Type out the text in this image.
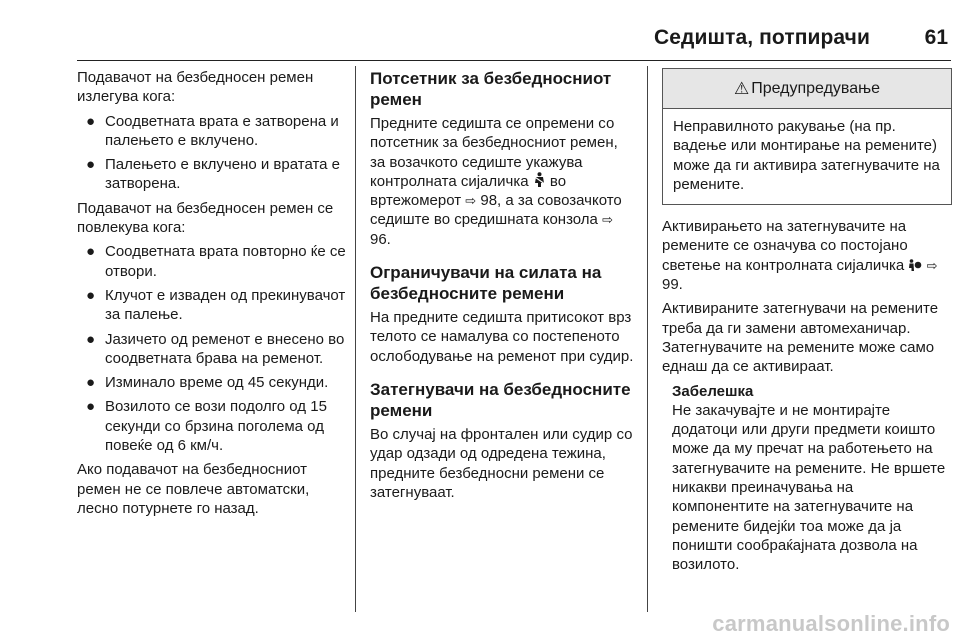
Седишта, потпирачи	61
Подавачот на безбедносен ремен излегува кога:
● Соодветната врата е затворена и палењето е вклучено.
● Палењето е вклучено и вратата е затворена.
Подавачот на безбедносен ремен се повлекува кога:
● Соодветната врата повторно ќе се отвори.
● Клучот е изваден од прекинувачот за палење.
● Јазичето од ременот е внесено во соодветната брава на ременот.
● Изминало време од 45 секунди.
● Возилото се вози подолго од 15 секунди со брзина поголема од повеќе од 6 км/ч.
Ако подавачот на безбедносниот ремен не се повлече автоматски, лесно потурнете го назад.
Потсетник за безбедносниот ремен
Предните седишта се опремени со потсетник за безбедносниот ремен, за возачкото седиште укажува контролната сијаличка во вртежомерот ⇨ 98, а за совозачкото седиште во средишната конзола ⇨ 96.
Ограничувачи на силата на безбедносните ремени
На предните седишта притисокот врз телото се намалува со постепеното ослободување на ременот при судир.
Затегнувачи на безбедносните ремени
Во случај на фронтален или судир со удар одзади од одредена тежина, предните безбедносни ремени се затегнуваат.
⚠ Предупредување
Неправилното ракување (на пр. вадење или монтирање на ремените) може да ги активира затегнувачите на ремените.
Активирањето на затегнувачите на ремените се означува со постојано светење на контролната сијаличка ⇨ 99.
Активираните затегнувачи на ремените треба да ги замени автомеханичар. Затегнувачите на ремените може само еднаш да се активираат.
Забелешка
Не закачувајте и не монтирајте додатоци или други предмети коишто може да му пречат на работењето на затегнувачите на ремените. Не вршете никакви преиначувања на компонентите на затегнувачите на ремените бидејќи тоа може да ја поништи сообраќајната дозвола на возилото.
carmanualsonline.info
